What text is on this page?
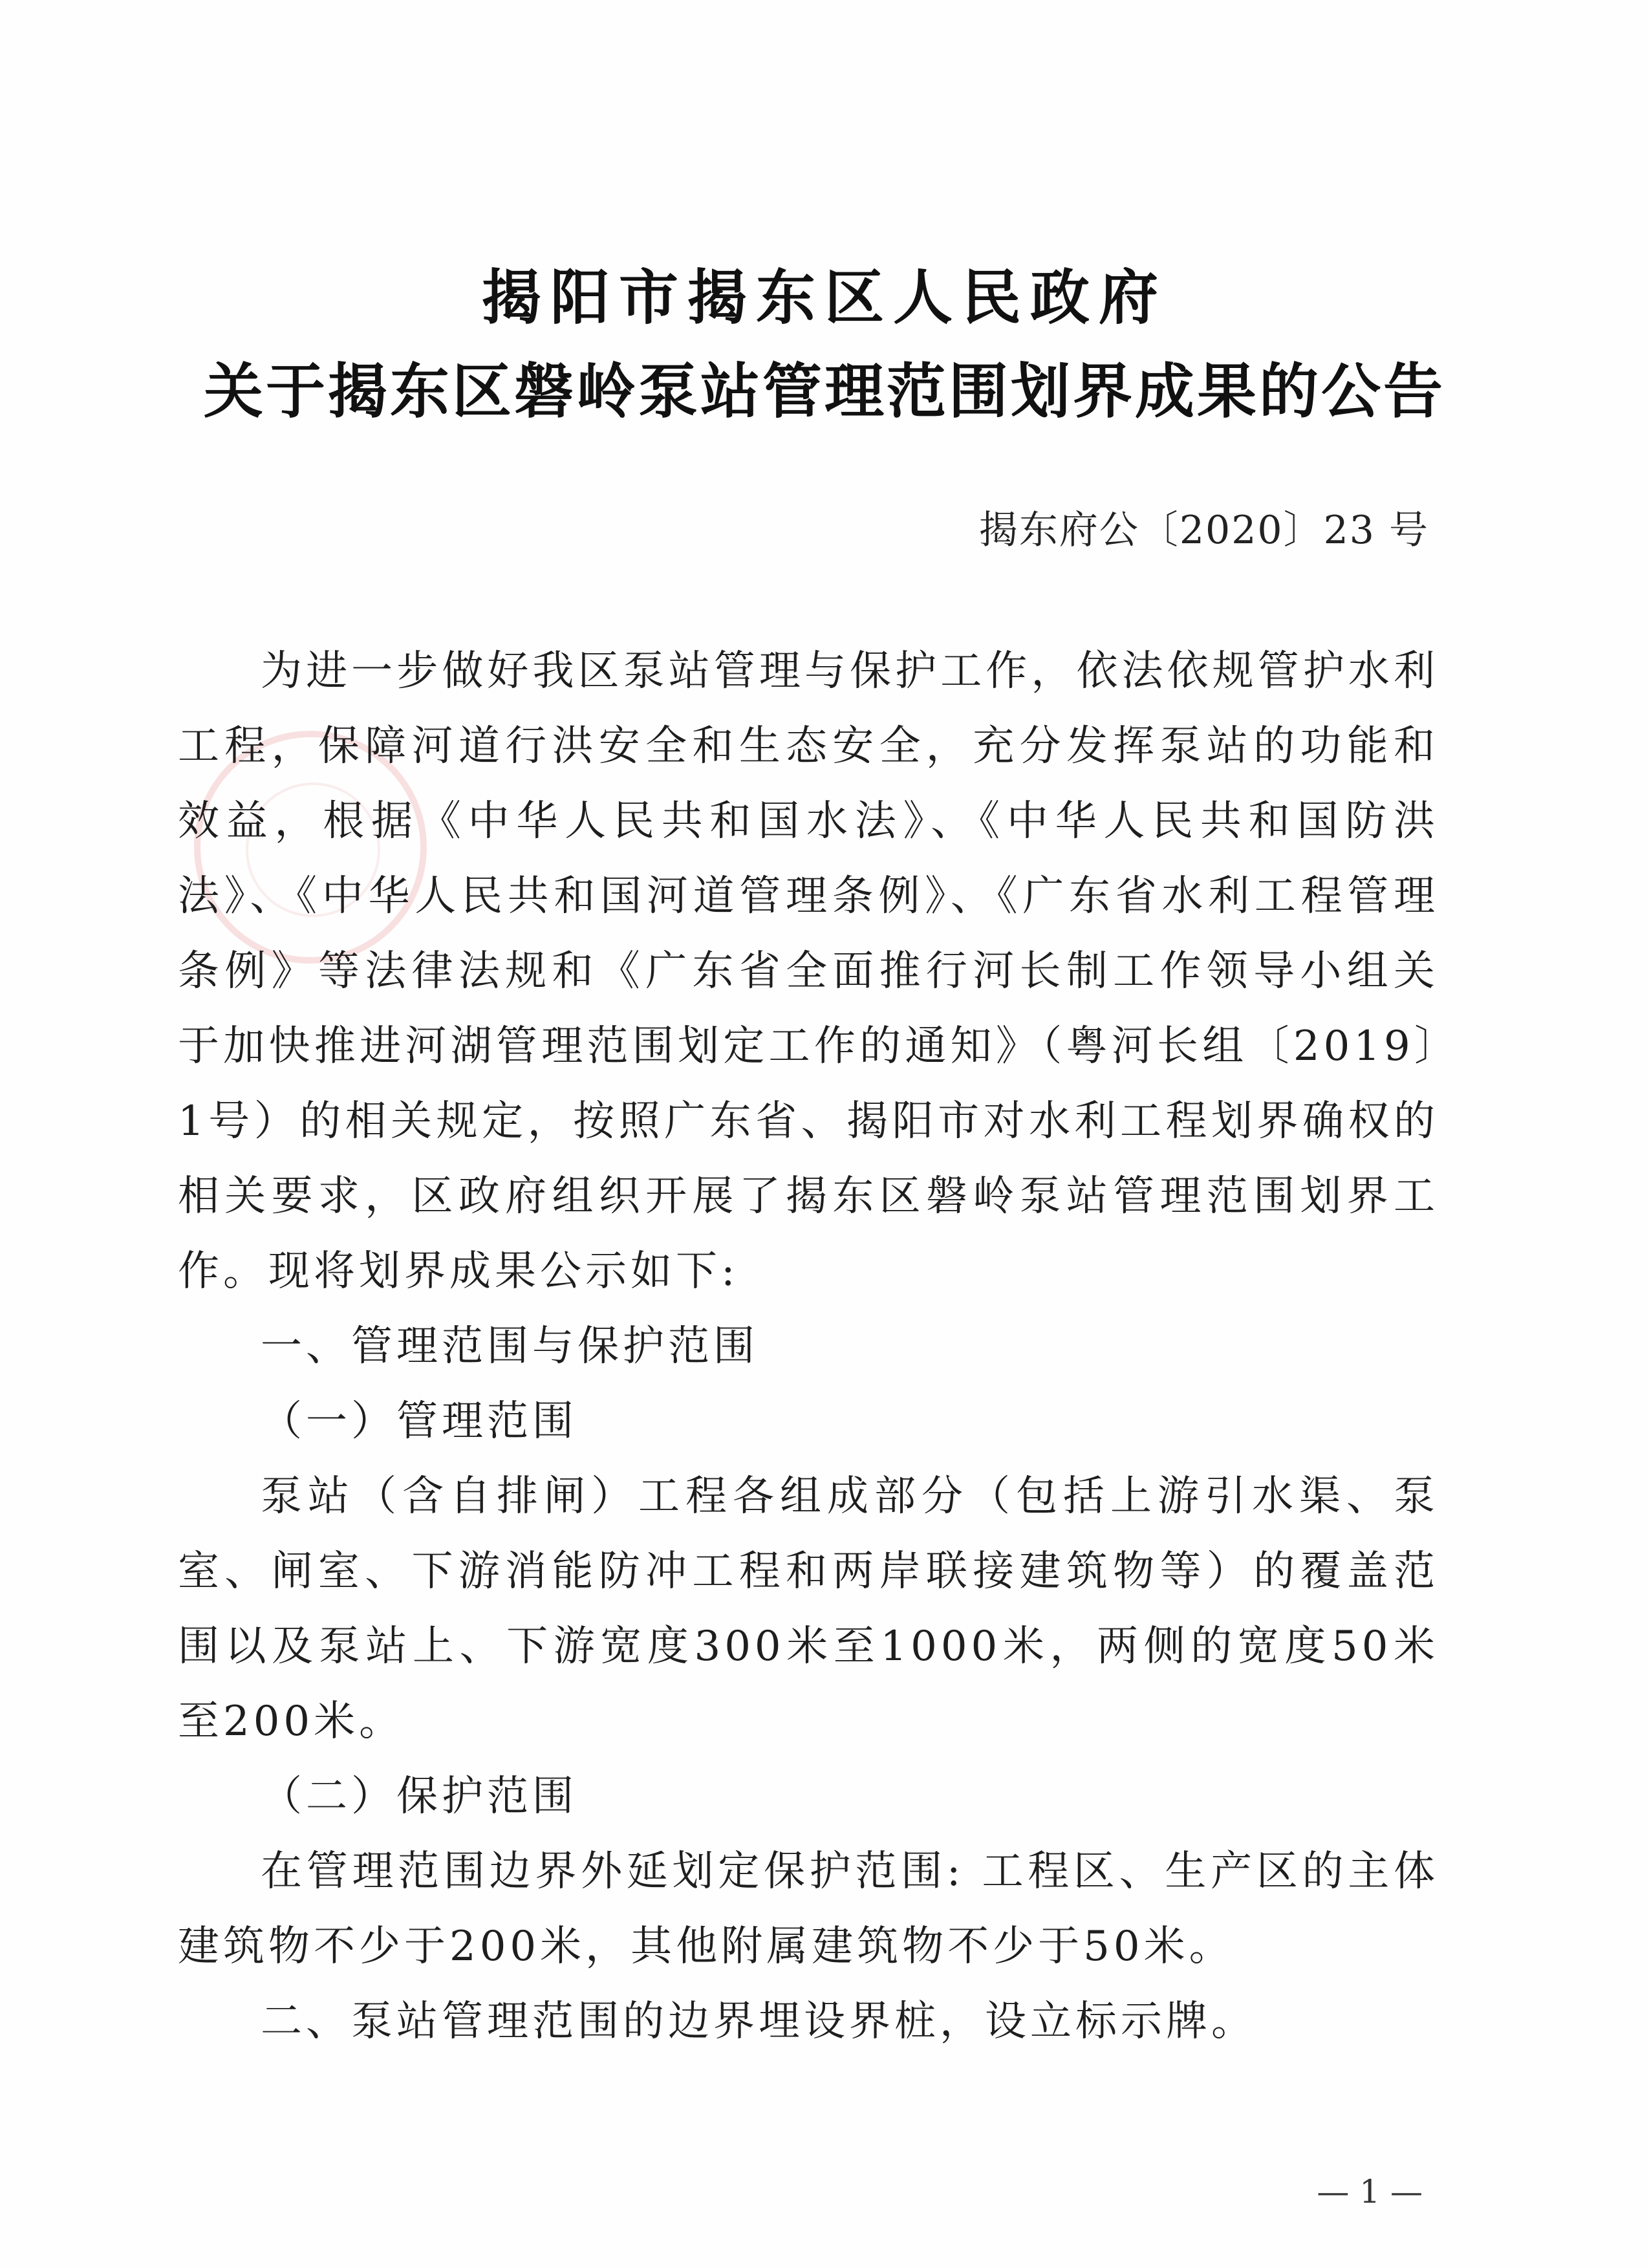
揭阳市揭东区人民政府
关于揭东区磐岭泵站管理范围划界成果的公告
揭东府公〔2020〕23 号

为进一步做好我区泵站管理与保护工作，依法依规管护水利工程，保障河道行洪安全和生态安全，充分发挥泵站的功能和效益，根据《中华人民共和国水法》、《中华人民共和国防洪法》、《中华人民共和国河道管理条例》、《广东省水利工程管理条例》等法律法规和《广东省全面推行河长制工作领导小组关于加快推进河湖管理范围划定工作的通知》（粤河长组〔2019〕1号）的相关规定，按照广东省、揭阳市对水利工程划界确权的相关要求，区政府组织开展了揭东区磐岭泵站管理范围划界工作。现将划界成果公示如下:

一、管理范围与保护范围

（一）管理范围

泵站（含自排闸）工程各组成部分（包括上游引水渠、泵室、闸室、下游消能防冲工程和两岸联接建筑物等）的覆盖范围以及泵站上、下游宽度300米至1000米，两侧的宽度50米至200米。

（二）保护范围

在管理范围边界外延划定保护范围: 工程区、生产区的主体建筑物不少于200米，其他附属建筑物不少于50米。

二、泵站管理范围的边界埋设界桩，设立标示牌。

— 1 —
